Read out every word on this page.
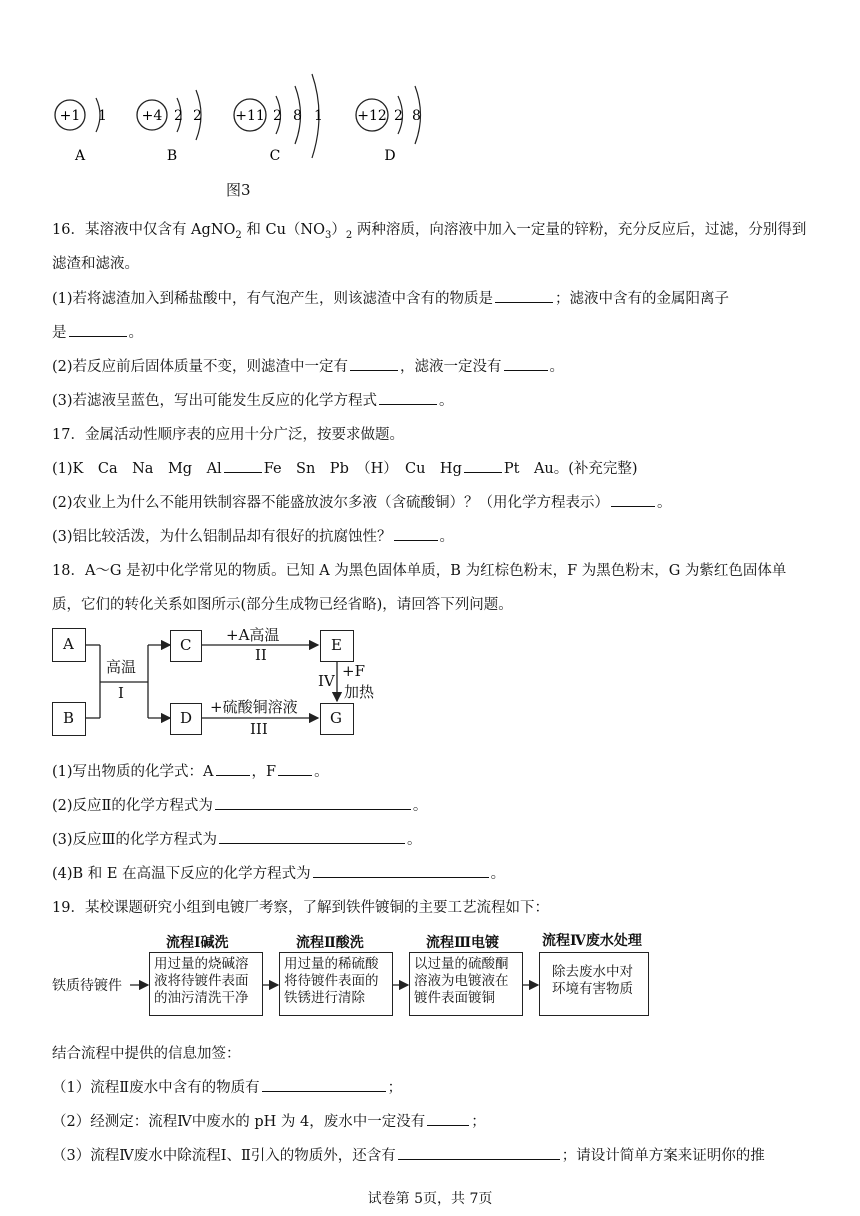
+1 1
A
+4 2 2
B
+11 2 8 1
C
+12 2 8
D
图3
16．某溶液中仅含有 AgNO$_2$ 和 $Cu(NO_3)_2$ 两种溶质，向溶液中加入一定量的锌粉，充分反应后，过滤，分别得到
滤渣和滤液。
(1)若将滤渣加入到稀盐酸中，有气泡产生，则该滤渣中含有的物质是	；滤液中含有的金属阳离子
是	。
(2)若反应前后固体质量不变，则滤渣中一定有	，滤液一定没有	。
(3)若滤液呈蓝色，写出可能发生反应的化学方程式	。
17．金属活动性顺序表的应用十分广泛，按要求做题。
(1)K　Ca　Na　Mg　Al	Fe　Sn　Pb　（H）　Cu　Hg	Pt　Au。(补充完整)
(2)农业上为什么不能用铁制容器不能盛放波尔多液（含硫酸铜）？（用化学方程表示）	。
(3)铝比较活泼，为什么铝制品却有很好的抗腐蚀性？	。
18．A～G 是初中化学常见的物质。已知 A 为黑色固体单质，B 为红棕色粉末，F 为黑色粉末，G 为紫红色固体单
质，它们的转化关系如图所示(部分生成物已经省略)，请回答下列问题。
A
B
C
D
E
G
高温
I
+A高温
II
+硫酸铜溶液
III
IV
+F
加热
(1)写出物质的化学式：A	，F	。
(2)反应Ⅱ的化学方程式为	。
(3)反应Ⅲ的化学方程式为	。
(4)B 和 E 在高温下反应的化学方程式为	。
19．某校课题研究小组到电镀厂考察，了解到铁件镀铜的主要工艺流程如下：
铁质待镀件
流程Ⅰ碱洗
用过量的烧碱溶
液将待镀件表面
的油污清洗干净
流程Ⅱ酸洗
用过量的稀硫酸
将待镀件表面的
铁锈进行清除
流程Ⅲ电镀
以过量的硫酸酮
溶液为电镀液在
镀件表面镀铜
流程Ⅳ废水处理
除去废水中对
环境有害物质
结合流程中提供的信息加签：
（1）流程Ⅱ废水中含有的物质有	；
（2）经测定：流程Ⅳ中废水的 pH 为 4，废水中一定没有	；
（3）流程Ⅳ废水中除流程Ⅰ、Ⅱ引入的物质外，还含有	；请设计简单方案来证明你的推
试卷第 5页，共 7页
